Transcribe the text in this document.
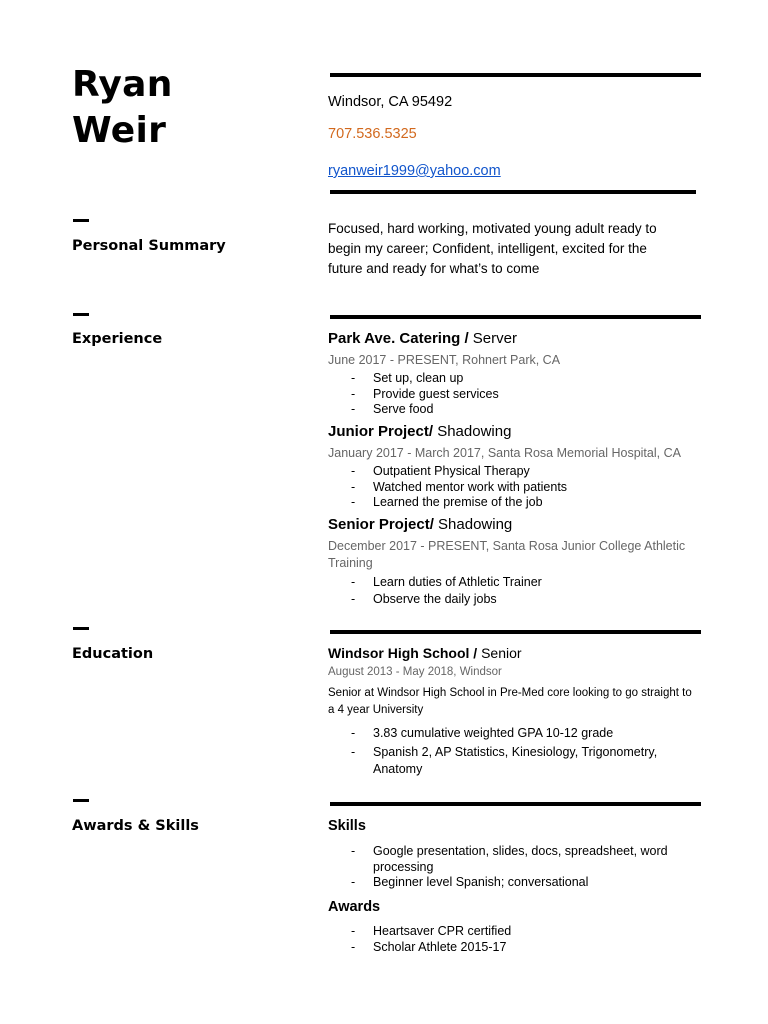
Ryan
Weir
Windsor, CA 95492
707.536.5325
ryanweir1999@yahoo.com
Personal Summary
Focused, hard working, motivated young adult ready to begin my career; Confident, intelligent, excited for the future and ready for what’s to come
Experience	Park Ave. Catering / Server
June 2017 - PRESENT, Rohnert Park, CA
- Set up, clean up
- Provide guest services
- Serve food
Junior Project/ Shadowing
January 2017 - March 2017, Santa Rosa Memorial Hospital, CA
- Outpatient Physical Therapy
- Watched mentor work with patients
- Learned the premise of the job
Senior Project/ Shadowing
December 2017 - PRESENT, Santa Rosa Junior College Athletic Training
- Learn duties of Athletic Trainer
- Observe the daily jobs
Education	Windsor High School / Senior
August 2013 - May 2018, Windsor
Senior at Windsor High School in Pre-Med core looking to go straight to a 4 year University
- 3.83 cumulative weighted GPA 10-12 grade
- Spanish 2, AP Statistics, Kinesiology, Trigonometry, Anatomy
Awards & Skills	Skills
- Google presentation, slides, docs, spreadsheet, word processing
- Beginner level Spanish; conversational
Awards
- Heartsaver CPR certified
- Scholar Athlete 2015-17
